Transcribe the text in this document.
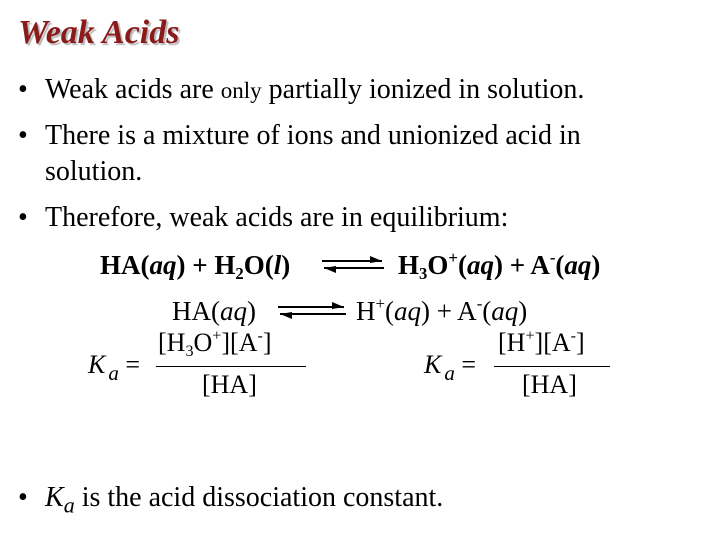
Weak Acids
• Weak acids are only partially ionized in solution.
• There is a mixture of ions and unionized acid in
solution.
• Therefore, weak acids are in equilibrium:
$HA(aq) + H_2O(l)$	$H_3O^+(aq) + A^-(aq)$
HA(aq)	H+(aq) + A-(aq)
K $_a$ =
$[H_3O^+][A^-]$
[HA]
K $_a$ =
[H+][A-]
[HA]
• $K_a$ is the acid dissociation constant.
